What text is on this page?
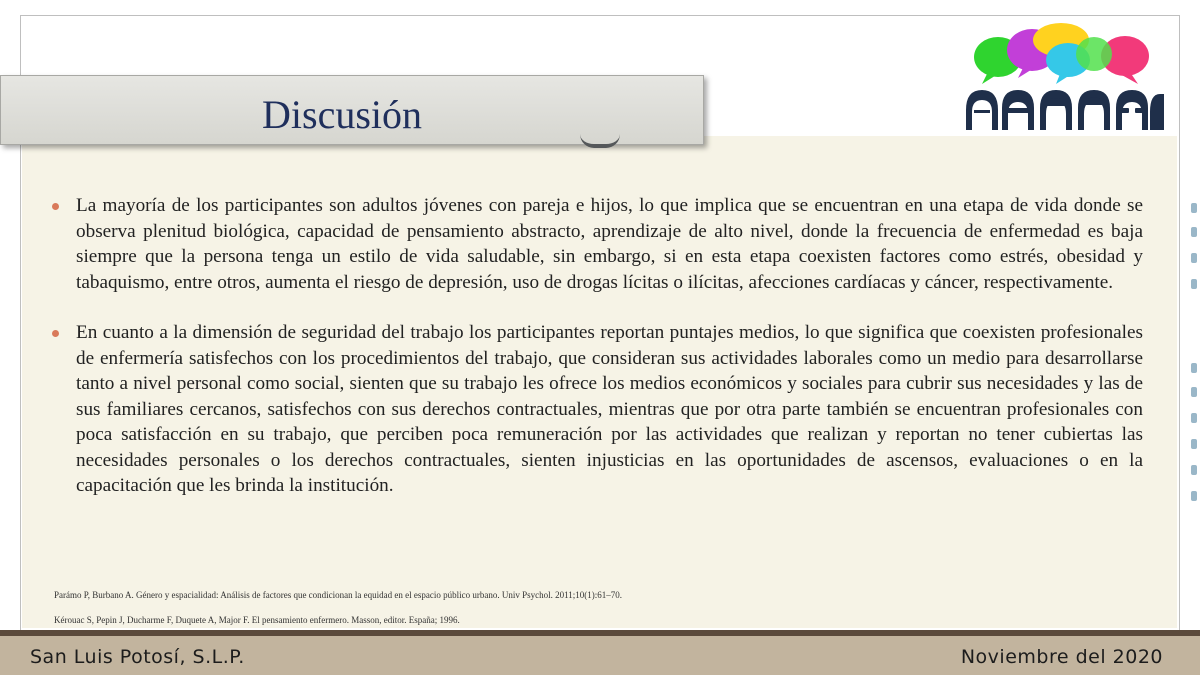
Discusión
La mayoría de los participantes son adultos jóvenes con pareja e hijos, lo que implica que se encuentran en una etapa de vida donde se observa plenitud biológica, capacidad de pensamiento abstracto, aprendizaje de alto nivel, donde la frecuencia de enfermedad es baja siempre que la persona tenga un estilo de vida saludable, sin embargo, si en esta etapa coexisten factores como estrés, obesidad y tabaquismo, entre otros, aumenta el riesgo de depresión, uso de drogas lícitas o ilícitas, afecciones cardíacas y cáncer, respectivamente.
En cuanto a la dimensión de seguridad del trabajo los participantes reportan puntajes medios, lo que significa que coexisten profesionales de enfermería satisfechos con los procedimientos del trabajo, que consideran sus actividades laborales como un medio para desarrollarse tanto a nivel personal como social, sienten que su trabajo les ofrece los medios económicos y sociales para cubrir sus necesidades y las de sus familiares cercanos, satisfechos con sus derechos contractuales, mientras que por otra parte también se encuentran profesionales con poca satisfacción en su trabajo, que perciben poca remuneración por las actividades que realizan y reportan no tener cubiertas las necesidades personales o los derechos contractuales, sienten injusticias en las oportunidades de ascensos, evaluaciones o en la capacitación que les brinda la institución.
Parámo P, Burbano A. Género y espacialidad: Análisis de factores que condicionan la equidad en el espacio público urbano. Univ Psychol. 2011;10(1):61–70.
Kérouac S, Pepin J, Ducharme F, Duquete A, Major F. El pensamiento enfermero. Masson, editor. España; 1996.
San Luis Potosí, S.L.P.	Noviembre del 2020
